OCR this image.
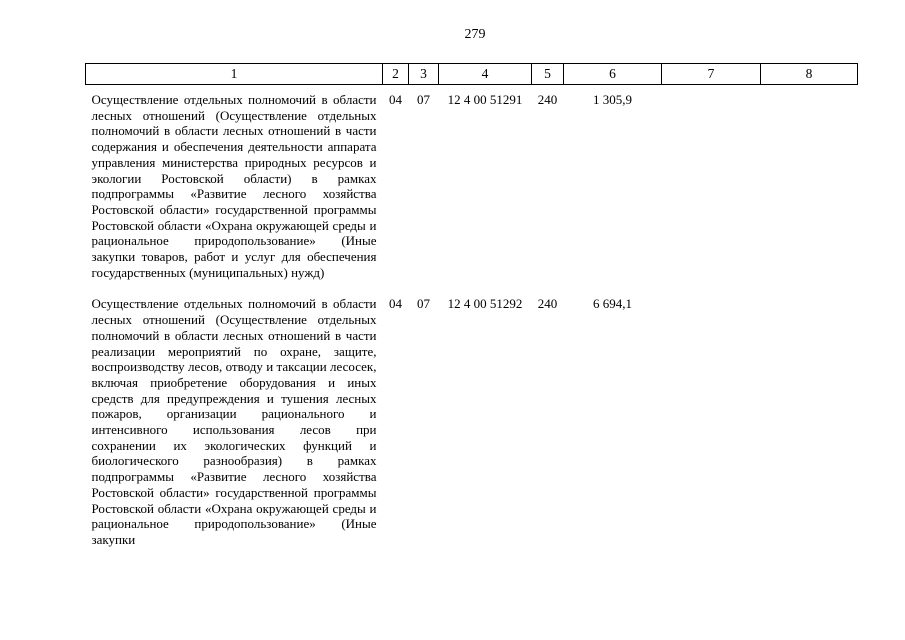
279
1	2	3	4	5	6	7	8
Осуществление отдельных полномочий в области лесных отношений (Осуществление отдельных полномочий в области лесных отношений в части содержания и обеспечения деятельности аппарата управления министерства природных ресурсов и экологии Ростовской области) в рамках подпрограммы «Развитие лесного хозяйства Ростовской области» государственной программы Ростовской области «Охрана окружающей среды и рациональное природопользование» (Иные закупки товаров, работ и услуг для обеспечения государственных (муниципальных) нужд)	04	07	12 4 00 51291	240	1 305,9		
Осуществление отдельных полномочий в области лесных отношений (Осуществление отдельных полномочий в области лесных отношений в части реализации мероприятий по охране, защите, воспроизводству лесов, отводу и таксации лесосек, включая приобретение оборудования и иных средств для предупреждения и тушения лесных пожаров, организации рационального и интенсивного использования лесов при сохранении их экологических функций и биологического разнообразия) в рамках подпрограммы «Развитие лесного хозяйства Ростовской области» государственной программы Ростовской области «Охрана окружающей среды и рациональное природопользование» (Иные закупки	04	07	12 4 00 51292	240	6 694,1		
